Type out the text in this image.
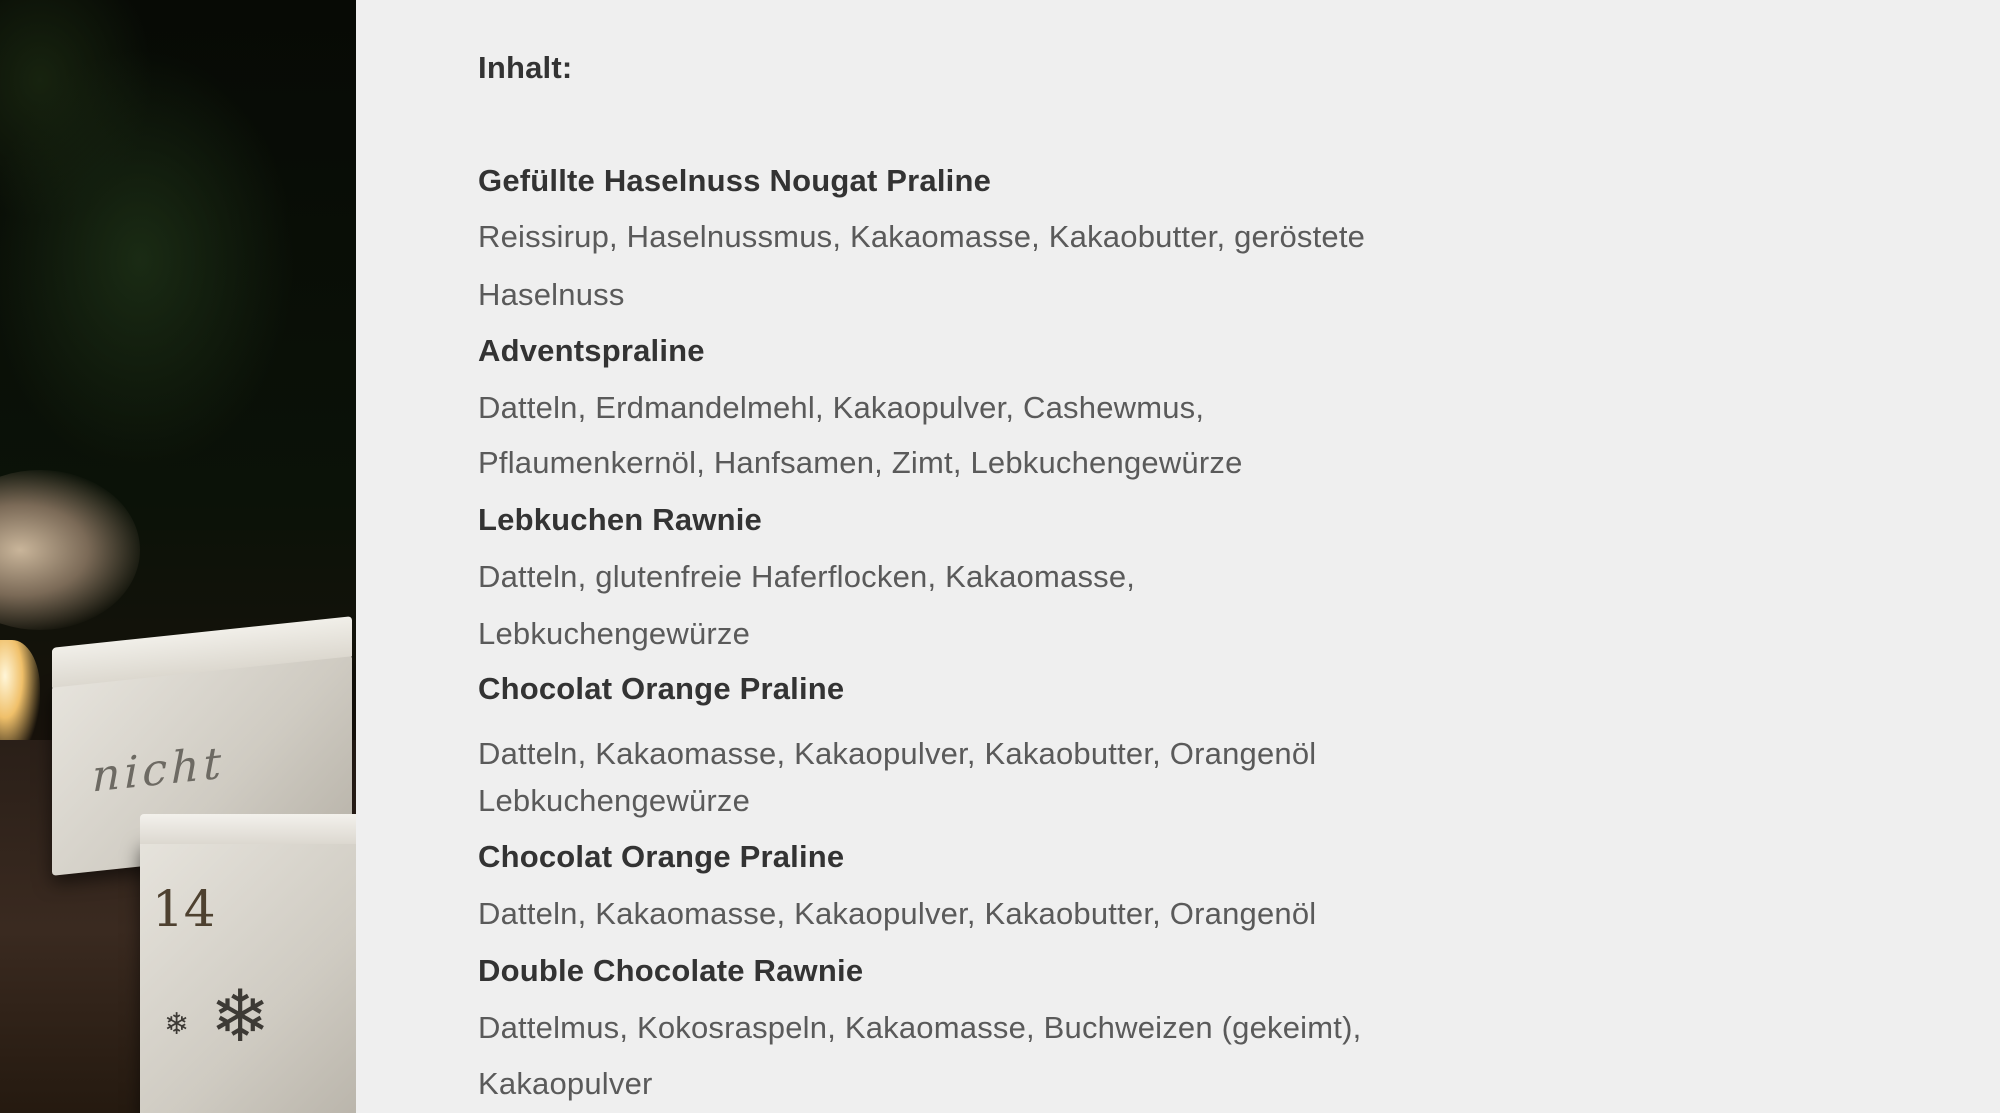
nicht
14
❄
❄
Inhalt:
Gefüllte Haselnuss Nougat Praline
Reissirup, Haselnussmus, Kakaomasse, Kakaobutter, geröstete
Haselnuss
Adventspraline
Datteln, Erdmandelmehl, Kakaopulver, Cashewmus,
Pflaumenkernöl, Hanfsamen, Zimt, Lebkuchengewürze
Lebkuchen Rawnie
Datteln, glutenfreie Haferflocken, Kakaomasse,
Lebkuchengewürze
Chocolat Orange Praline
Datteln, Kakaomasse, Kakaopulver, Kakaobutter, Orangenöl
Lebkuchengewürze
Chocolat Orange Praline
Datteln, Kakaomasse, Kakaopulver, Kakaobutter, Orangenöl
Double Chocolate Rawnie
Dattelmus, Kokosraspeln, Kakaomasse, Buchweizen (gekeimt),
Kakaopulver
